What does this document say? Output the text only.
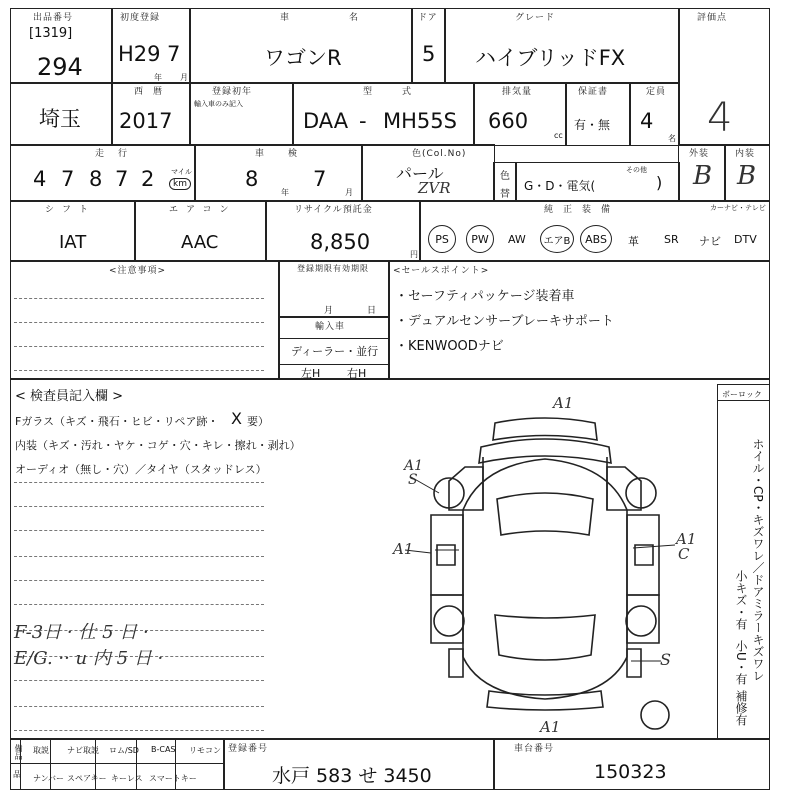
出品番号
[1319]
294
初度登録
H29 7
年 月
車名
ワゴンR
ドア
5
グレード
ハイブリッドFX
評価点
4
埼玉
西暦
2017
登録初年
輸入車のみ記入
型式
DAA - MH55S
排気量
660
cc
保証書
有・無
定員
4
名
走行
4 7 8 7 2 マイル
km
車検
8
年
7
月
色(Col.No)
パール
ZVR
色
替
その他
G・D・電気(	)
外装
B
内装
B
シフト
IAT
エアコン
AAC
リサイクル預託金
8,850
円
純正装備	カーナビ・テレビ
PS	PW	AW	エアB	ABS	革 SR ナビ DTV
<注意事項>	登録期限有効期限
月	日
輸入車
ディーラー・並行
左H 右H
<セールスポイント>
・セーフティパッケージ装着車
・デュアルセンサーブレーキサポート
・KENWOODナビ
< 検査員記入欄 >
Fガラス（キズ・飛石・ヒビ・リペア跡・ X 要）
内装（キズ・汚れ・ヤケ・コゲ・穴・キレ・擦れ・剥れ）
オーディオ（無し・穴）／タイヤ（スタッドレス）
F-3日 · 仕 5 日 ·
E/G. ·· u 内 5 日 ·
A1
A1
S
A1
A1
C
S
A1
ボーロック
ホイル・CP・キズワレ／ドアミラーキズワレ
小キズ・有
小U・有
補修有
備品
品
取説 ナビ取説 ロム/SD B-CAS リモコン
ナンバー スペアキー キーレス スマートキー
登録番号
水戸 583 せ 3450
車台番号
150323
